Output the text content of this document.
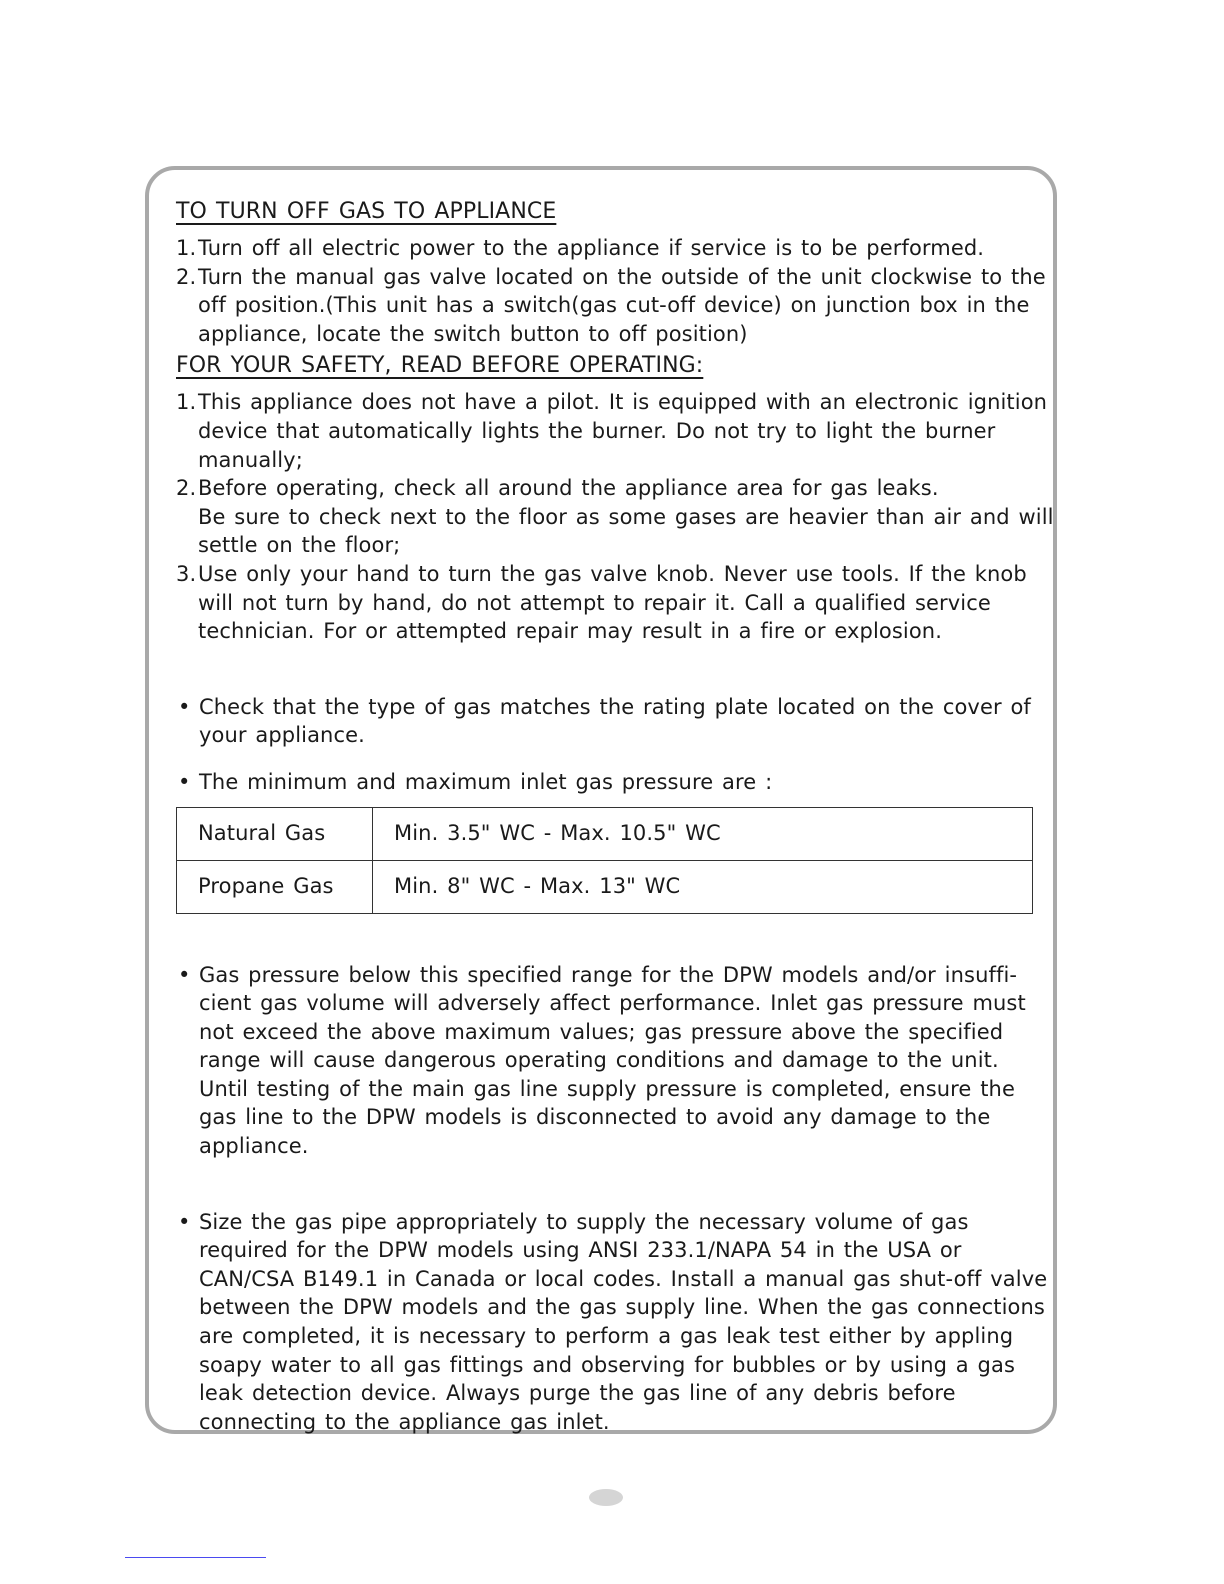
TO TURN OFF GAS TO APPLIANCE

1. Turn off all electric power to the appliance if service is to be performed.

2. Turn the manual gas valve located on the outside of the unit clockwise to the off position.(This unit has a switch(gas cut-off device) on junction box in the appliance, locate the switch button to off position)

FOR YOUR SAFETY, READ BEFORE OPERATING:

1. This appliance does not have a pilot. It is equipped with an electronic ignition device that automatically lights the burner. Do not try to light the burner manually;

2. Before operating, check all around the appliance area for gas leaks.
Be sure to check next to the floor as some gases are heavier than air and will settle on the floor;

3. Use only your hand to turn the gas valve knob. Never use tools. If the knob will not turn by hand, do not attempt to repair it. Call a qualified service technician. For or attempted repair may result in a fire or explosion.

• Check that the type of gas matches the rating plate located on the cover of your appliance.

• The minimum and maximum inlet gas pressure are :

Natural Gas	Min. 3.5" WC - Max. 10.5" WC
Propane Gas	Min. 8" WC - Max. 13" WC

• Gas pressure below this specified range for the DPW models and/or insuffi-cient gas volume will adversely affect performance. Inlet gas pressure must not exceed the above maximum values; gas pressure above the specified range will cause dangerous operating conditions and damage to the unit. Until testing of the main gas line supply pressure is completed, ensure the gas line to the DPW models is disconnected to avoid any damage to the appliance.

• Size the gas pipe appropriately to supply the necessary volume of gas required for the DPW models using ANSI 233.1/NAPA 54 in the USA or CAN/CSA B149.1 in Canada or local codes. Install a manual gas shut-off valve between the DPW models and the gas supply line. When the gas connections are completed, it is necessary to perform a gas leak test either by appling soapy water to all gas fittings and observing for bubbles or by using a gas leak detection device. Always purge the gas line of any debris before connecting to the appliance gas inlet.
